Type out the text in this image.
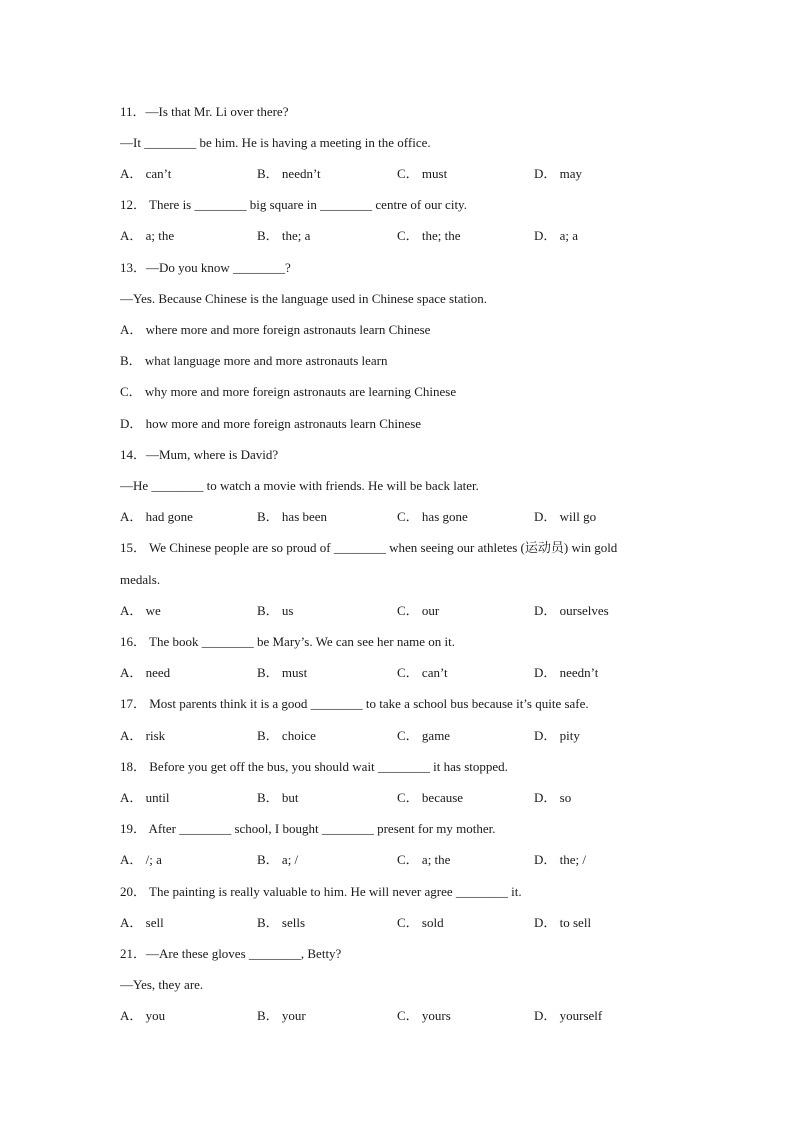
11．—Is that Mr. Li over there?
—It ________ be him. He is having a meeting in the office.
A． can’t	B． needn’t	C． must	D． may
12． There is ________ big square in ________ centre of our city.
A． a; the	B． the; a	C． the; the	D． a; a
13．—Do you know ________?
—Yes. Because Chinese is the language used in Chinese space station.
A． where more and more foreign astronauts learn Chinese
B． what language more and more astronauts learn
C． why more and more foreign astronauts are learning Chinese
D． how more and more foreign astronauts learn Chinese
14．—Mum, where is David?
—He ________ to watch a movie with friends. He will be back later.
A． had gone	B． has been	C． has gone	D． will go
15． We Chinese people are so proud of ________ when seeing our athletes (运动员) win gold
medals.
A． we	B． us	C． our	D． ourselves
16． The book ________ be Mary’s. We can see her name on it.
A． need	B． must	C． can’t	D． needn’t
17． Most parents think it is a good ________ to take a school bus because it’s quite safe.
A． risk	B． choice	C． game	D． pity
18． Before you get off the bus, you should wait ________ it has stopped.
A． until	B． but	C． because	D． so
19． After ________ school, I bought ________ present for my mother.
A． /; a	B． a; /	C． a; the	D． the; /
20． The painting is really valuable to him. He will never agree ________ it.
A． sell	B． sells	C． sold	D． to sell
21．—Are these gloves ________, Betty?
—Yes, they are.
A． you	B． your	C． yours	D． yourself
